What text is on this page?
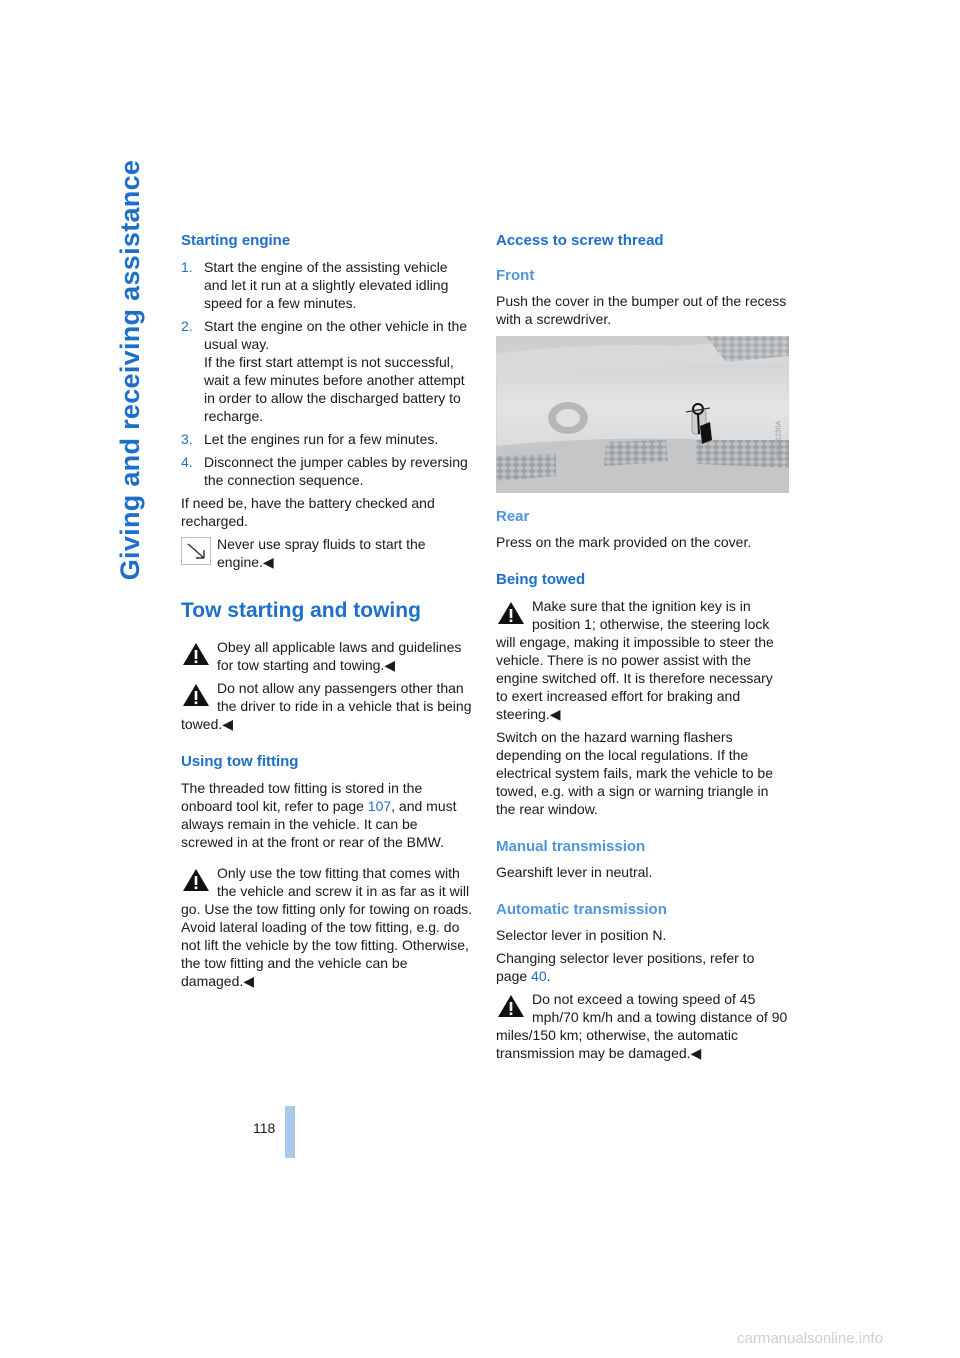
Giving and receiving assistance Starting engine
1. Start the engine of the assisting vehicle and let it run at a slightly elevated idling speed for a few minutes.
2. Start the engine on the other vehicle in the usual way.
If the first start attempt is not successful, wait a few minutes before another attempt in order to allow the discharged battery to recharge.
3. Let the engines run for a few minutes.
4. Disconnect the jumper cables by reversing the connection sequence.

If need be, have the battery checked and recharged.

Never use spray fluids to start the engine.◀

Tow starting and towing

Obey all applicable laws and guidelines for tow starting and towing.◀

Do not allow any passengers other than the driver to ride in a vehicle that is being towed.◀

Using tow fitting

The threaded tow fitting is stored in the onboard tool kit, refer to page 107, and must always remain in the vehicle. It can be screwed in at the front or rear of the BMW.

Only use the tow fitting that comes with the vehicle and screw it in as far as it will go. Use the tow fitting only for towing on roads. Avoid lateral loading of the tow fitting, e.g. do not lift the vehicle by the tow fitting. Otherwise, the tow fitting and the vehicle can be damaged.◀

Access to screw thread
Front

Push the cover in the bumper out of the recess with a screwdriver.

W0601230A
Rear

Press on the mark provided on the cover.

Being towed

Make sure that the ignition key is in position 1; otherwise, the steering lock will engage, making it impossible to steer the vehicle. There is no power assist with the engine switched off. It is therefore necessary to exert increased effort for braking and steering.◀

Switch on the hazard warning flashers depending on the local regulations. If the electrical system fails, mark the vehicle to be towed, e.g. with a sign or warning triangle in the rear window.

Manual transmission

Gearshift lever in neutral.

Automatic transmission

Selector lever in position N.

Changing selector lever positions, refer to page 40.

Do not exceed a towing speed of 45 mph/70 km/h and a towing distance of 90 miles/150 km; otherwise, the automatic transmission may be damaged.◀

118
carmanualsonline.info
